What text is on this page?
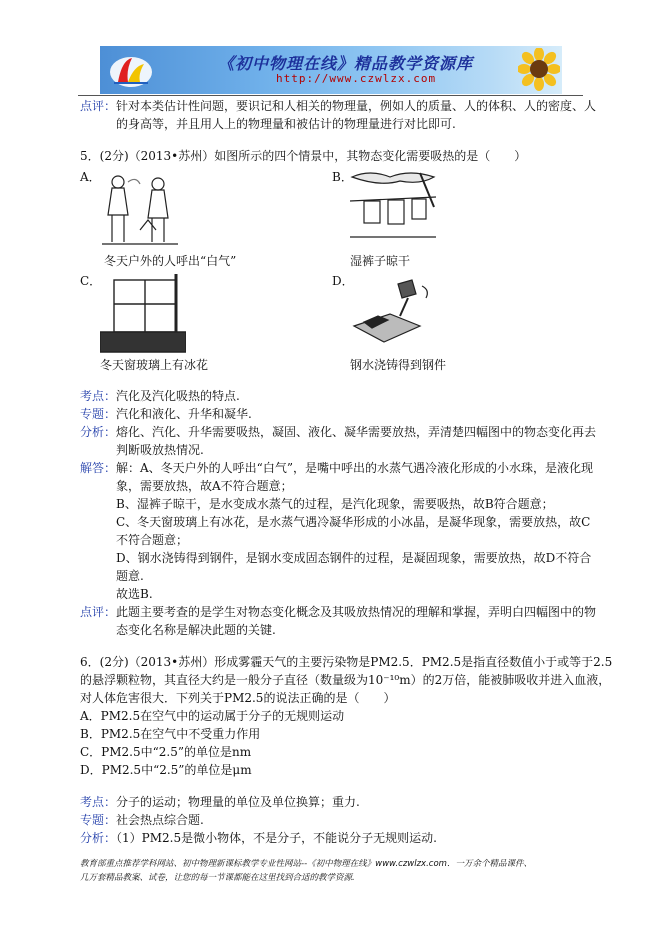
《初中物理在线》精品教学资源库
http://www.czwlzx.com
点评：针对本类估计性问题，要识记和人相关的物理量，例如人的质量、人的体积、人的密度、人
的身高等，并且用人上的物理量和被估计的物理量进行对比即可.
5．(2分)（2013•苏州）如图所示的四个情景中，其物态变化需要吸热的是（　　）
A．
冬天户外的人呼出“白气”
B．
湿裤子晾干
C．
冬天窗玻璃上有冰花
D．
钢水浇铸得到钢件
考点：汽化及汽化吸热的特点.
专题：汽化和液化、升华和凝华.
分析：熔化、汽化、升华需要吸热，凝固、液化、凝华需要放热，弄清楚四幅图中的物态变化再去
判断吸放热情况.
解答：解：A、冬天户外的人呼出“白气”，是嘴中呼出的水蒸气遇冷液化形成的小水珠，是液化现
象，需要放热，故A不符合题意；
B、湿裤子晾干，是水变成水蒸气的过程，是汽化现象，需要吸热，故B符合题意；
C、冬天窗玻璃上有冰花，是水蒸气遇冷凝华形成的小冰晶，是凝华现象，需要放热，故C
不符合题意；
D、钢水浇铸得到钢件，是钢水变成固态钢件的过程，是凝固现象，需要放热，故D不符合
题意.
故选B.
点评：此题主要考查的是学生对物态变化概念及其吸放热情况的理解和掌握，弄明白四幅图中的物
态变化名称是解决此题的关键.
6．(2分)（2013•苏州）形成雾霾天气的主要污染物是PM2.5．PM2.5是指直径数值小于或等于2.5
的悬浮颗粒物，其直径大约是一般分子直径（数量级为10⁻¹⁰m）的2万倍，能被肺吸收并进入血液，
对人体危害很大．下列关于PM2.5的说法正确的是（　　）
A．PM2.5在空气中的运动属于分子的无规则运动
B．PM2.5在空气中不受重力作用
C．PM2.5中“2.5”的单位是nm
D．PM2.5中“2.5”的单位是μm
考点：分子的运动；物理量的单位及单位换算；重力.
专题：社会热点综合题.
分析：（1）PM2.5是微小物体，不是分子，不能说分子无规则运动.
教育部重点推荐学科网站、初中物理新课标教学专业性网站--《初中物理在线》www.czwlzx.com．一万余个精品课件、
几万套精品教案、试卷，让您的每一节课都能在这里找到合适的教学资源.
